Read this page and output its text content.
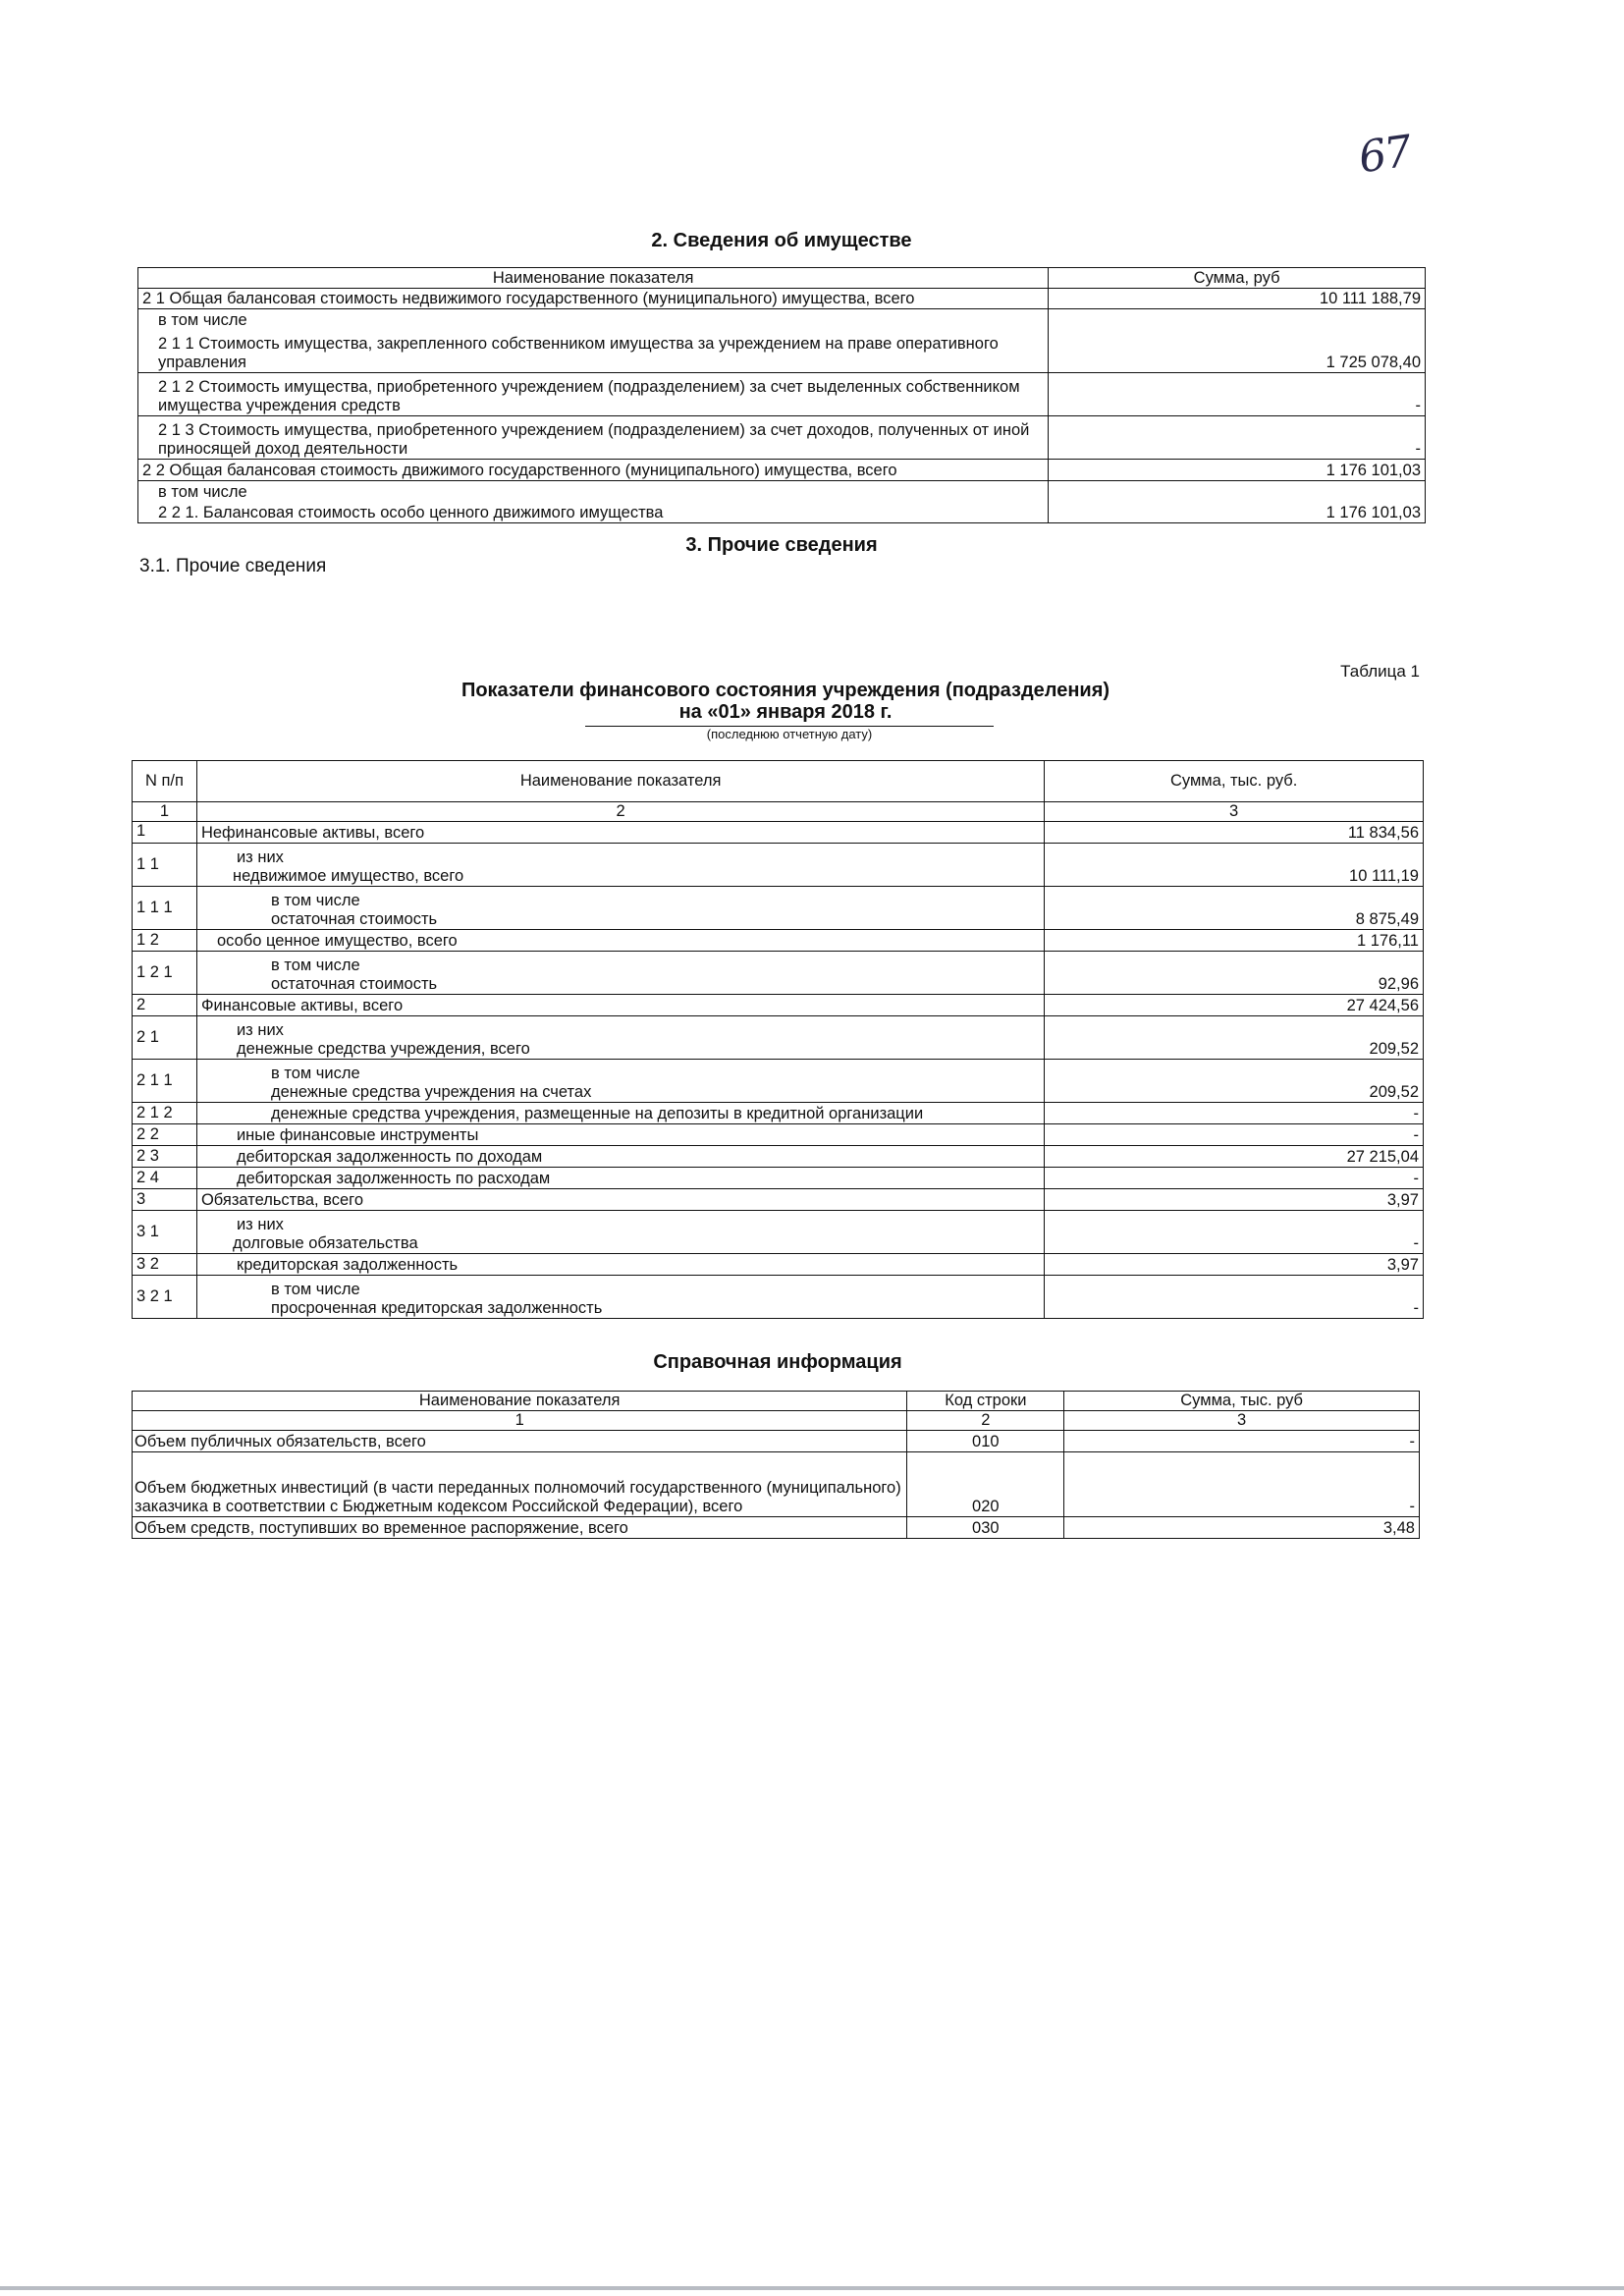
67
2. Сведения об имуществе
Наименование показателя	Сумма, руб
2 1 Общая балансовая стоимость недвижимого государственного (муниципального) имущества, всего	10 111 188,79
в том числе	
2 1 1 Стоимость имущества, закрепленного собственником имущества за учреждением на праве оперативного управления	1 725 078,40
2 1 2 Стоимость имущества, приобретенного учреждением (подразделением) за счет выделенных собственником имущества учреждения средств	-
2 1 3 Стоимость имущества, приобретенного учреждением (подразделением) за счет доходов, полученных от иной приносящей доход деятельности	-
2 2 Общая балансовая стоимость движимого государственного (муниципального) имущества, всего	1 176 101,03
в том числе	
2 2 1. Балансовая стоимость особо ценного движимого имущества	1 176 101,03
3. Прочие сведения
3.1. Прочие сведения
Таблица 1
Показатели финансового состояния учреждения (подразделения)
на «01» января 2018 г.
(последнюю отчетную дату)
N п/п	Наименование показателя	Сумма, тыс. руб.
1	2	3
1	Нефинансовые активы, всего	11 834,56
1 1	из них
недвижимое имущество, всего	10 111,19
1 1 1	в том числе
остаточная стоимость	8 875,49
1 2	особо ценное имущество, всего	1 176,11
1 2 1	в том числе
остаточная стоимость	92,96
2	Финансовые активы, всего	27 424,56
2 1	из них
денежные средства учреждения, всего	209,52
2 1 1	в том числе
денежные средства учреждения на счетах	209,52
2 1 2	денежные средства учреждения, размещенные на депозиты в кредитной организации	-
2 2	иные финансовые инструменты	-
2 3	дебиторская задолженность по доходам	27 215,04
2 4	дебиторская задолженность по расходам	-
3	Обязательства, всего	3,97
3 1	из них
долговые обязательства	-
3 2	кредиторская задолженность	3,97
3 2 1	в том числе
просроченная кредиторская задолженность	-
Справочная информация
Наименование показателя	Код строки	Сумма, тыс. руб
1	2	3
Объем публичных обязательств, всего	010	-
Объем бюджетных инвестиций (в части переданных полномочий государственного (муниципального) заказчика в соответствии с Бюджетным кодексом Российской Федерации), всего	020	-
Объем средств, поступивших во временное распоряжение, всего	030	3,48
